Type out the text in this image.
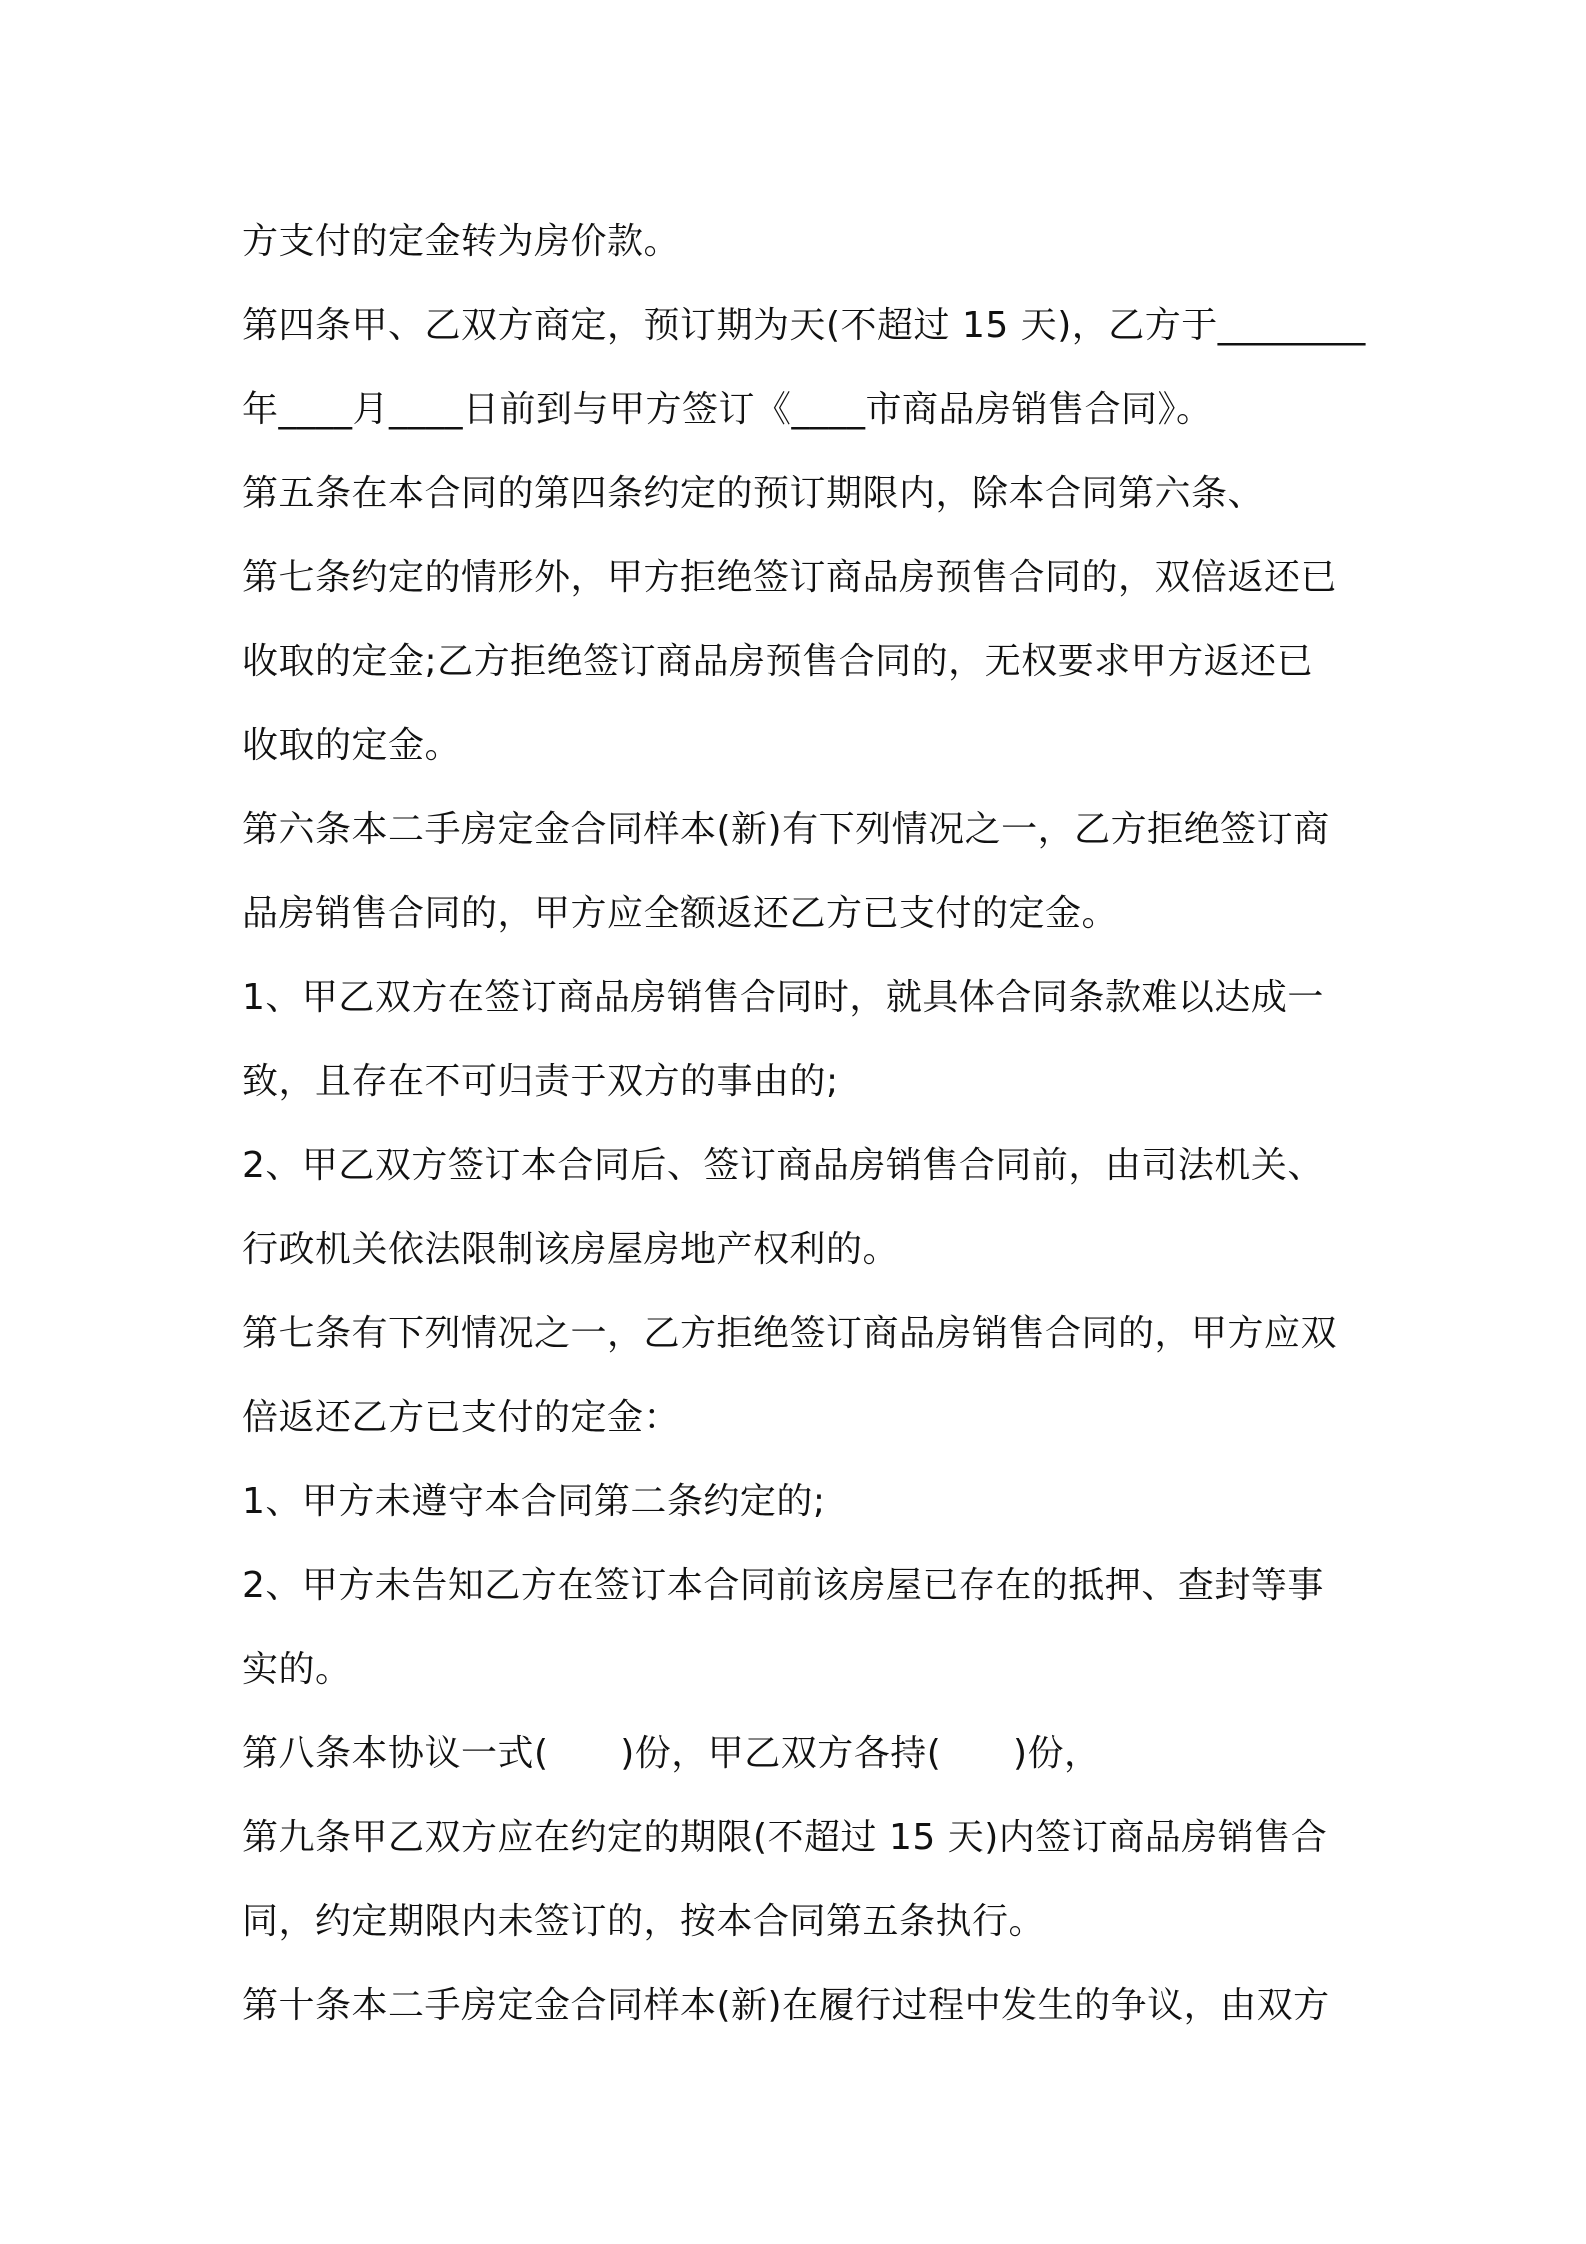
方支付的定金转为房价款。
第四条甲、乙双方商定，预订期为天(不超过 15 天)，乙方于________
年____月____日前到与甲方签订《____市商品房销售合同》。
第五条在本合同的第四条约定的预订期限内，除本合同第六条、
第七条约定的情形外，甲方拒绝签订商品房预售合同的，双倍返还已
收取的定金;乙方拒绝签订商品房预售合同的，无权要求甲方返还已
收取的定金。
第六条本二手房定金合同样本(新)有下列情况之一，乙方拒绝签订商
品房销售合同的，甲方应全额返还乙方已支付的定金。
1、甲乙双方在签订商品房销售合同时，就具体合同条款难以达成一
致，且存在不可归责于双方的事由的;
2、甲乙双方签订本合同后、签订商品房销售合同前，由司法机关、
行政机关依法限制该房屋房地产权利的。
第七条有下列情况之一，乙方拒绝签订商品房销售合同的，甲方应双
倍返还乙方已支付的定金：
1、甲方未遵守本合同第二条约定的;
2、甲方未告知乙方在签订本合同前该房屋已存在的抵押、查封等事
实的。
第八条本协议一式(      )份，甲乙双方各持(      )份，
第九条甲乙双方应在约定的期限(不超过 15 天)内签订商品房销售合
同，约定期限内未签订的，按本合同第五条执行。
第十条本二手房定金合同样本(新)在履行过程中发生的争议，由双方
